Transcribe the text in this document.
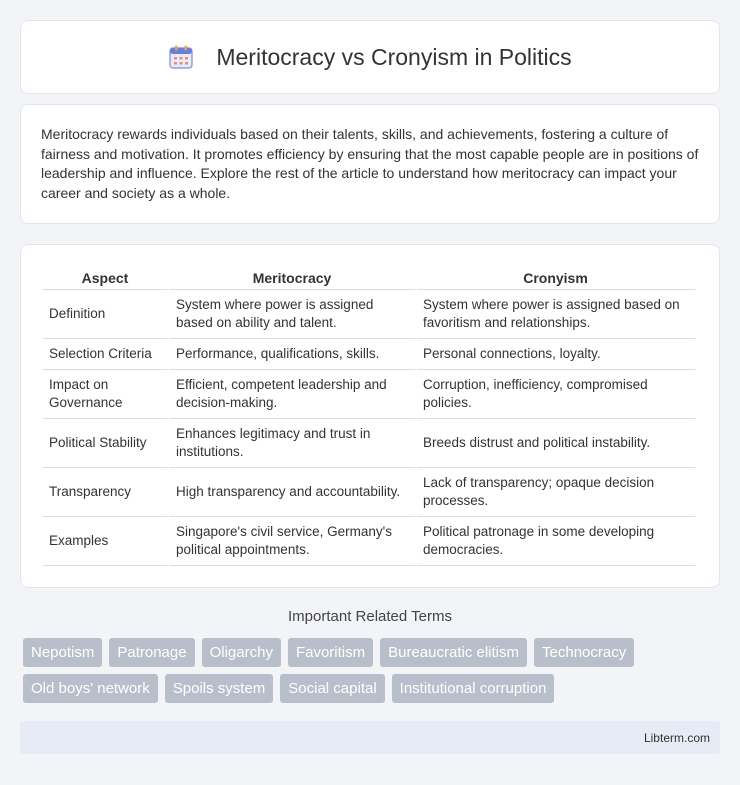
Meritocracy vs Cronyism in Politics

Meritocracy rewards individuals based on their talents, skills, and achievements, fostering a culture of fairness and motivation. It promotes efficiency by ensuring that the most capable people are in positions of leadership and influence. Explore the rest of the article to understand how meritocracy can impact your career and society as a whole.

Aspect	Meritocracy	Cronyism
Definition	System where power is assigned based on ability and talent.	System where power is assigned based on favoritism and relationships.
Selection Criteria	Performance, qualifications, skills.	Personal connections, loyalty.
Impact on Governance	Efficient, competent leadership and decision-making.	Corruption, inefficiency, compromised policies.
Political Stability	Enhances legitimacy and trust in institutions.	Breeds distrust and political instability.
Transparency	High transparency and accountability.	Lack of transparency; opaque decision processes.
Examples	Singapore's civil service, Germany's political appointments.	Political patronage in some developing democracies.
Important Related Terms
Nepotism	Patronage	Oligarchy	Favoritism	Bureaucratic elitism	Technocracy
Old boys' network	Spoils system	Social capital	Institutional corruption
Libterm.com
